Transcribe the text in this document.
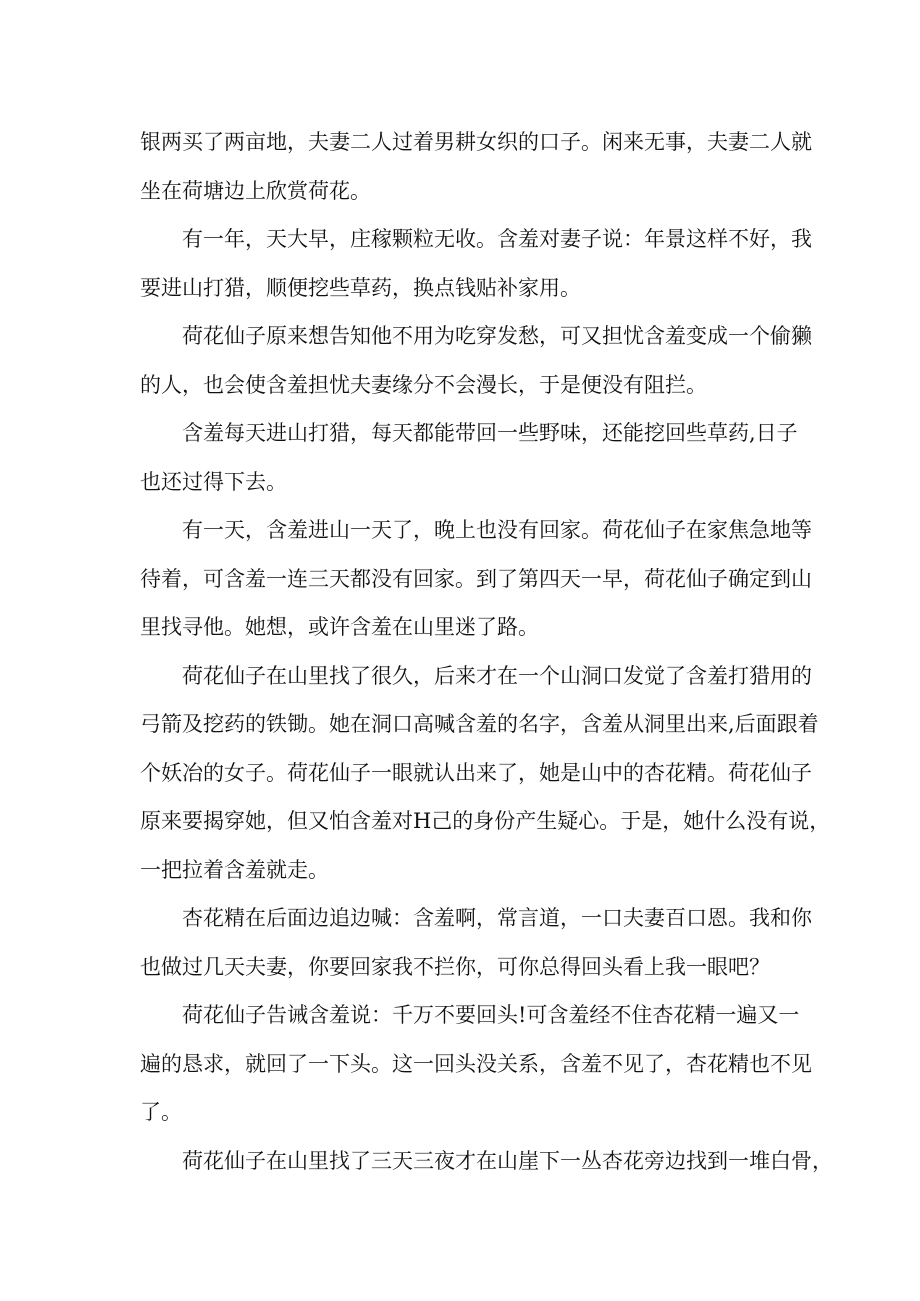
银两买了两亩地，夫妻二人过着男耕女织的口子。闲来无事，夫妻二人就
坐在荷塘边上欣赏荷花。
有一年，天大早，庄稼颗粒无收。含羞对妻子说：年景这样不好，我
要进山打猎，顺便挖些草药，换点钱贴补家用。
荷花仙子原来想告知他不用为吃穿发愁，可又担忧含羞变成一个偷獭
的人，也会使含羞担忧夫妻缘分不会漫长，于是便没有阻拦。
含羞每天进山打猎，每天都能带回一些野味，还能挖回些草药,日子
也还过得下去。
有一天，含羞进山一天了，晚上也没有回家。荷花仙子在家焦急地等
待着，可含羞一连三天都没有回家。到了第四天一早，荷花仙子确定到山
里找寻他。她想，或许含羞在山里迷了路。
荷花仙子在山里找了很久，后来才在一个山洞口发觉了含羞打猎用的
弓箭及挖药的铁锄。她在洞口高喊含羞的名字，含羞从洞里出来,后面跟着
个妖冶的女子。荷花仙子一眼就认出来了，她是山中的杏花精。荷花仙子
原来要揭穿她，但又怕含羞对H己的身份产生疑心。于是，她什么没有说，
一把拉着含羞就走。
杏花精在后面边追边喊：含羞啊，常言道，一口夫妻百口恩。我和你
也做过几天夫妻，你要回家我不拦你，可你总得回头看上我一眼吧？
荷花仙子告诫含羞说：千万不要回头!可含羞经不住杏花精一遍又一
遍的恳求，就回了一下头。这一回头没关系，含羞不见了，杏花精也不见
了。
荷花仙子在山里找了三天三夜才在山崖下一丛杏花旁边找到一堆白骨，
